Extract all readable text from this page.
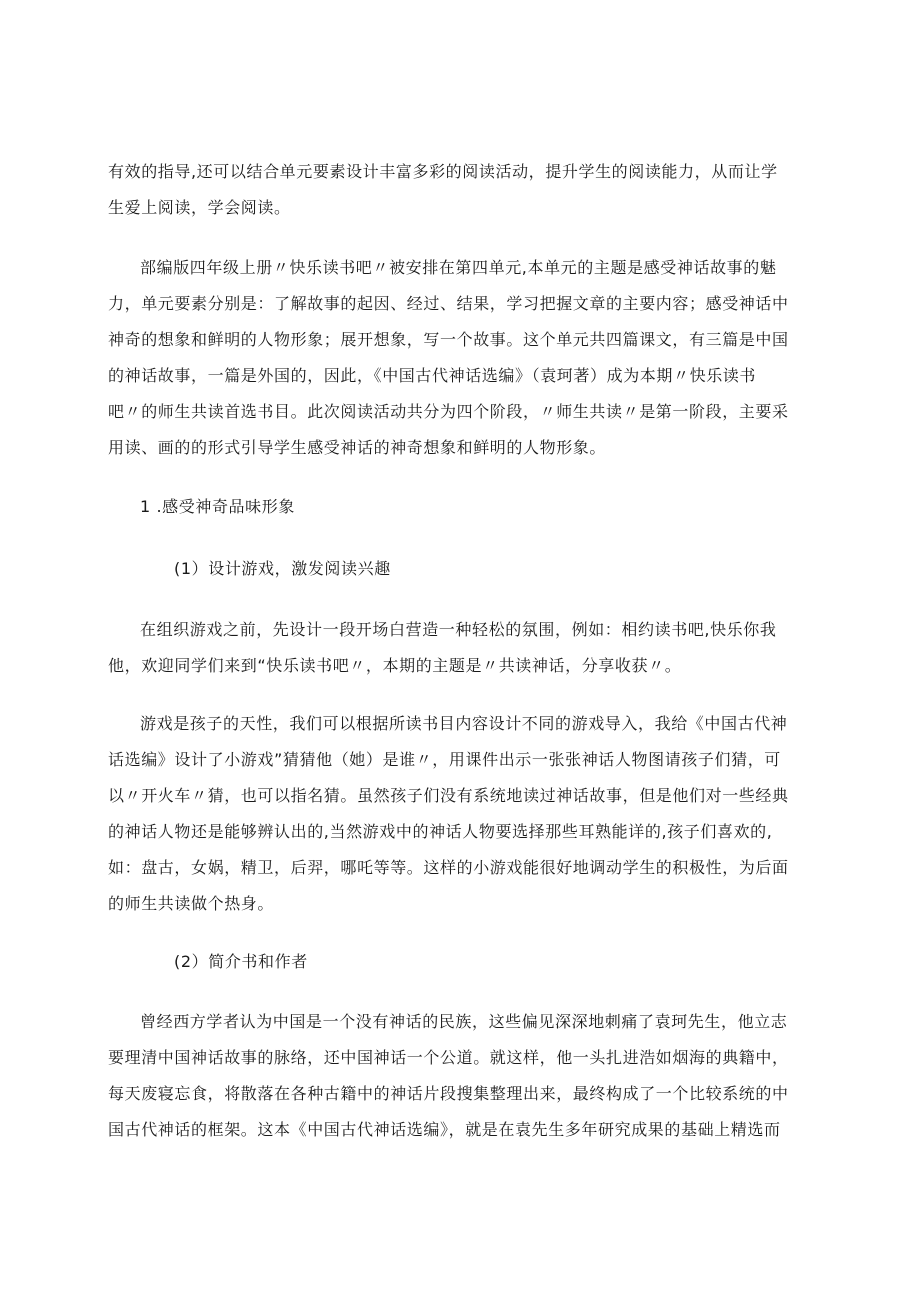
有效的指导,还可以结合单元要素设计丰富多彩的阅读活动，提升学生的阅读能力，从而让学
生爱上阅读，学会阅读。
部编版四年级上册〃快乐读书吧〃被安排在第四单元,本单元的主题是感受神话故事的魅
力，单元要素分别是：了解故事的起因、经过、结果，学习把握文章的主要内容；感受神话中
神奇的想象和鲜明的人物形象；展开想象，写一个故事。这个单元共四篇课文，有三篇是中国
的神话故事，一篇是外国的，因此，《中国古代神话选编》（袁珂著）成为本期〃快乐读书
吧〃的师生共读首选书目。此次阅读活动共分为四个阶段，〃师生共读〃是第一阶段，主要采
用读、画的的形式引导学生感受神话的神奇想象和鲜明的人物形象。
1 .感受神奇品味形象
(1）设计游戏，激发阅读兴趣
在组织游戏之前，先设计一段开场白营造一种轻松的氛围，例如：相约读书吧,快乐你我
他，欢迎同学们来到“快乐读书吧〃，本期的主题是〃共读神话，分享收获〃。
游戏是孩子的天性，我们可以根据所读书目内容设计不同的游戏导入，我给《中国古代神
话选编》设计了小游戏”猜猜他（她）是谁〃，用课件出示一张张神话人物图请孩子们猜，可
以〃开火车〃猜，也可以指名猜。虽然孩子们没有系统地读过神话故事，但是他们对一些经典
的神话人物还是能够辨认出的,当然游戏中的神话人物要选择那些耳熟能详的,孩子们喜欢的,
如：盘古，女娲，精卫，后羿，哪吒等等。这样的小游戏能很好地调动学生的积极性，为后面
的师生共读做个热身。
(2）简介书和作者
曾经西方学者认为中国是一个没有神话的民族，这些偏见深深地刺痛了袁珂先生，他立志
要理清中国神话故事的脉络，还中国神话一个公道。就这样，他一头扎进浩如烟海的典籍中，
每天废寝忘食，将散落在各种古籍中的神话片段搜集整理出来，最终构成了一个比较系统的中
国古代神话的框架。这本《中国古代神话选编》，就是在袁先生多年研究成果的基础上精选而
